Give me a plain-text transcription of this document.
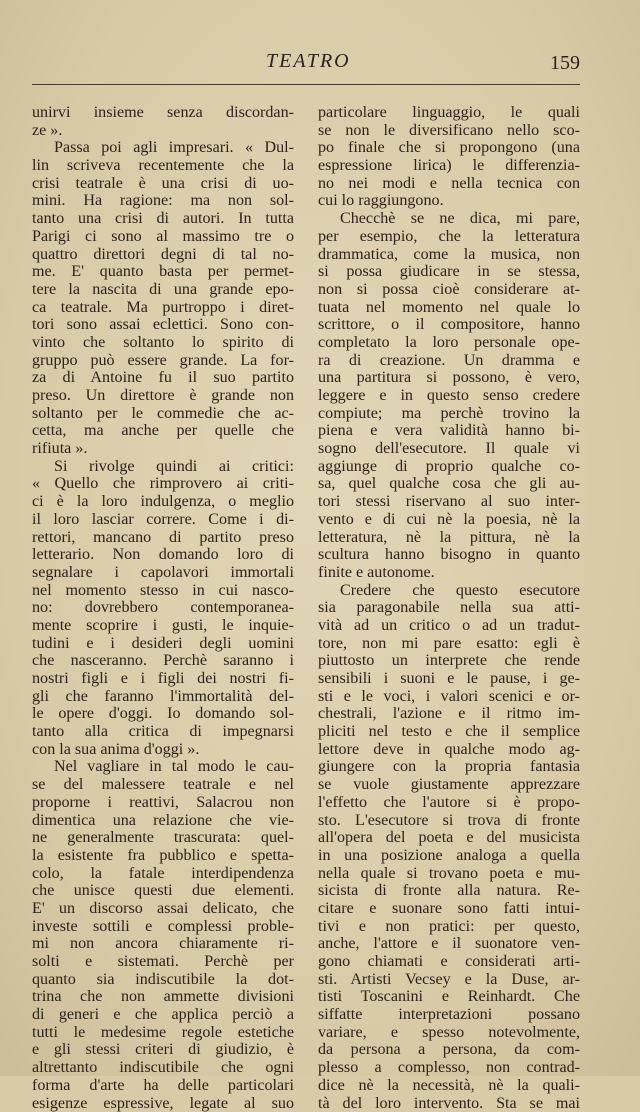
TEATRO	159
unirvi insieme senza discordan-
ze ».
Passa poi agli impresari. « Dul-
lin scriveva recentemente che la
crisi teatrale è una crisi di uo-
mini. Ha ragione: ma non sol-
tanto una crisi di autori. In tutta
Parigi ci sono al massimo tre o
quattro direttori degni di tal no-
me. E' quanto basta per permet-
tere la nascita di una grande epo-
ca teatrale. Ma purtroppo i diret-
tori sono assai eclettici. Sono con-
vinto che soltanto lo spirito di
gruppo può essere grande. La for-
za di Antoine fu il suo partito
preso. Un direttore è grande non
soltanto per le commedie che ac-
cetta, ma anche per quelle che
rifiuta ».
Si rivolge quindi ai critici:
« Quello che rimprovero ai criti-
ci è la loro indulgenza, o meglio
il loro lasciar correre. Come i di-
rettori, mancano di partito preso
letterario. Non domando loro di
segnalare i capolavori immortali
nel momento stesso in cui nasco-
no: dovrebbero contemporanea-
mente scoprire i gusti, le inquie-
tudini e i desideri degli uomini
che nasceranno. Perchè saranno i
nostri figli e i figli dei nostri fi-
gli che faranno l'immortalità del-
le opere d'oggi. Io domando sol-
tanto alla critica di impegnarsi
con la sua anima d'oggi ».
Nel vagliare in tal modo le cau-
se del malessere teatrale e nel
proporne i reattivi, Salacrou non
dimentica una relazione che vie-
ne generalmente trascurata: quel-
la esistente fra pubblico e spetta-
colo, la fatale interdipendenza
che unisce questi due elementi.
E' un discorso assai delicato, che
investe sottili e complessi proble-
mi non ancora chiaramente ri-
solti e sistemati. Perchè per
quanto sia indiscutibile la dot-
trina che non ammette divisioni
di generi e che applica perciò a
tutti le medesime regole estetiche
e gli stessi criteri di giudizio, è
altrettanto indiscutibile che ogni
forma d'arte ha delle particolari
esigenze espressive, legate al suo
particolare linguaggio, le quali
se non le diversificano nello sco-
po finale che si propongono (una
espressione lirica) le differenzia-
no nei modi e nella tecnica con
cui lo raggiungono.
Checchè se ne dica, mi pare,
per esempio, che la letteratura
drammatica, come la musica, non
si possa giudicare in se stessa,
non si possa cioè considerare at-
tuata nel momento nel quale lo
scrittore, o il compositore, hanno
completato la loro personale ope-
ra di creazione. Un dramma e
una partitura si possono, è vero,
leggere e in questo senso credere
compiute; ma perchè trovino la
piena e vera validità hanno bi-
sogno dell'esecutore. Il quale vi
aggiunge di proprio qualche co-
sa, quel qualche cosa che gli au-
tori stessi riservano al suo inter-
vento e di cui nè la poesia, nè la
letteratura, nè la pittura, nè la
scultura hanno bisogno in quanto
finite e autonome.
Credere che questo esecutore
sia paragonabile nella sua atti-
vità ad un critico o ad un tradut-
tore, non mi pare esatto: egli è
piuttosto un interprete che rende
sensibili i suoni e le pause, i ge-
sti e le voci, i valori scenici e or-
chestrali, l'azione e il ritmo im-
pliciti nel testo e che il semplice
lettore deve in qualche modo ag-
giungere con la propria fantasia
se vuole giustamente apprezzare
l'effetto che l'autore si è propo-
sto. L'esecutore si trova di fronte
all'opera del poeta e del musicista
in una posizione analoga a quella
nella quale si trovano poeta e mu-
sicista di fronte alla natura. Re-
citare e suonare sono fatti intui-
tivi e non pratici: per questo,
anche, l'attore e il suonatore ven-
gono chiamati e considerati arti-
sti. Artisti Vecsey e la Duse, ar-
tisti Toscanini e Reinhardt. Che
siffatte interpretazioni possano
variare, e spesso notevolmente,
da persona a persona, da com-
plesso a complesso, non contrad-
dice nè la necessità, nè la quali-
tà del loro intervento. Sta se mai
